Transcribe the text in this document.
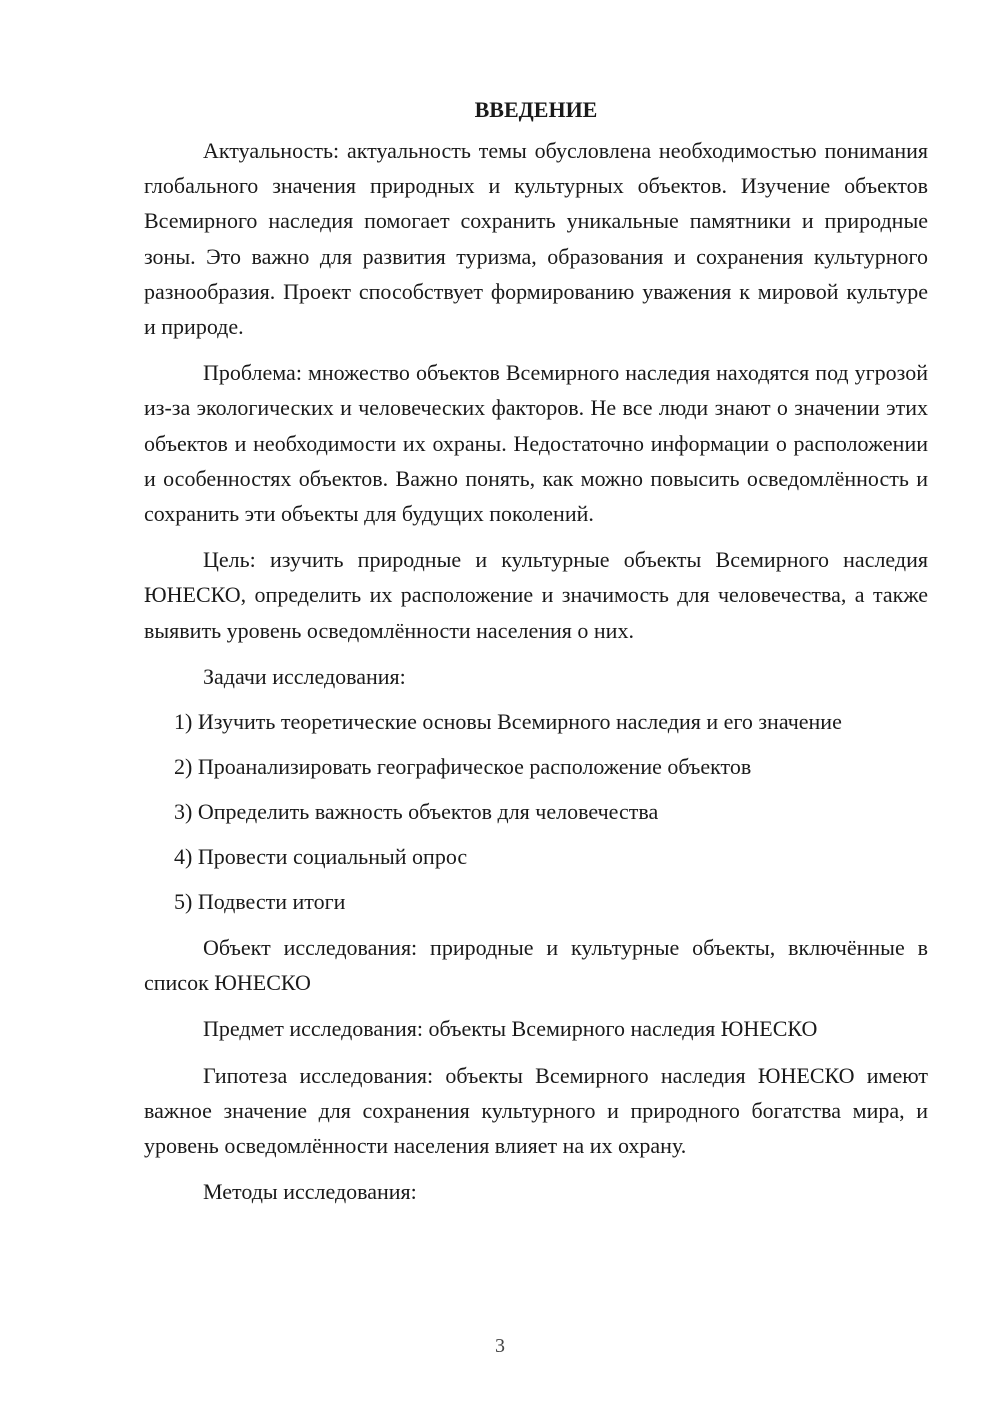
ВВЕДЕНИЕ

Актуальность: актуальность темы обусловлена необходимостью понимания глобального значения природных и культурных объектов. Изучение объектов Всемирного наследия помогает сохранить уникальные памятники и природные зоны. Это важно для развития туризма, образования и сохранения культурного разнообразия. Проект способствует формированию уважения к мировой культуре и природе.

Проблема: множество объектов Всемирного наследия находятся под угрозой из-за экологических и человеческих факторов. Не все люди знают о значении этих объектов и необходимости их охраны. Недостаточно информации о расположении и особенностях объектов. Важно понять, как можно повысить осведомлённость и сохранить эти объекты для будущих поколений.

Цель: изучить природные и культурные объекты Всемирного наследия ЮНЕСКО, определить их расположение и значимость для человечества, а также выявить уровень осведомлённости населения о них.

Задачи исследования:

1) Изучить теоретические основы Всемирного наследия и его значение
2) Проанализировать географическое расположение объектов
3) Определить важность объектов для человечества
4) Провести социальный опрос
5) Подвести итоги

Объект исследования: природные и культурные объекты, включённые в список ЮНЕСКО

Предмет исследования: объекты Всемирного наследия ЮНЕСКО

Гипотеза исследования: объекты Всемирного наследия ЮНЕСКО имеют важное значение для сохранения культурного и природного богатства мира, и уровень осведомлённости населения влияет на их охрану.

Методы исследования:

3
